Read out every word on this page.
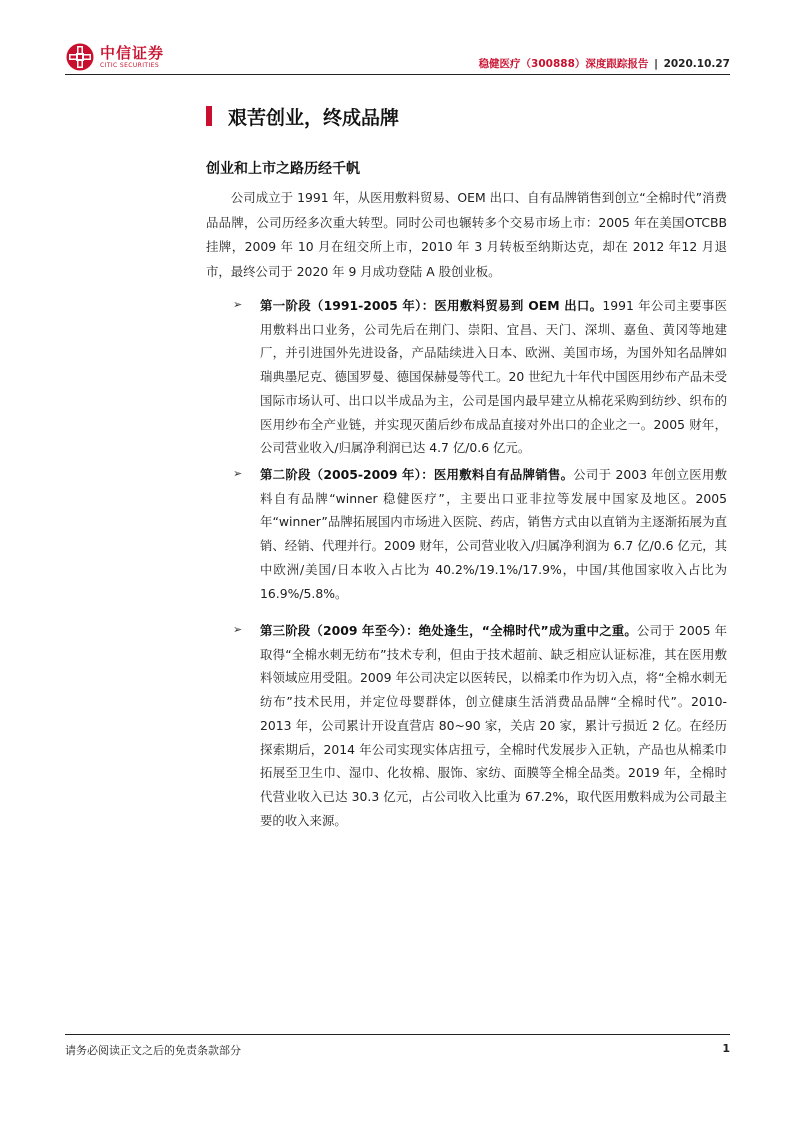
中信证券
CITIC SECURITIES	稳健医疗（300888）深度跟踪报告 | 2020.10.27
艰苦创业，终成品牌
创业和上市之路历经千帆
公司成立于 1991 年，从医用敷料贸易、OEM 出口、自有品牌销售到创立“全棉时代”消费品品牌，公司历经多次重大转型。同时公司也辗转多个交易市场上市：2005 年在美国OTCBB 挂牌，2009 年 10 月在纽交所上市，2010 年 3 月转板至纳斯达克，却在 2012 年12 月退市，最终公司于 2020 年 9 月成功登陆 A 股创业板。
➢ 第一阶段（1991-2005 年）：医用敷料贸易到 OEM 出口。1991 年公司主要事医用敷料出口业务，公司先后在荆门、崇阳、宜昌、天门、深圳、嘉鱼、黄冈等地建厂，并引进国外先进设备，产品陆续进入日本、欧洲、美国市场，为国外知名品牌如瑞典墨尼克、德国罗曼、德国保赫曼等代工。20 世纪九十年代中国医用纱布产品未受国际市场认可、出口以半成品为主，公司是国内最早建立从棉花采购到纺纱、织布的医用纱布全产业链，并实现灭菌后纱布成品直接对外出口的企业之一。2005 财年，公司营业收入/归属净利润已达 4.7 亿/0.6 亿元。
➢ 第二阶段（2005-2009 年）：医用敷料自有品牌销售。公司于 2003 年创立医用敷料自有品牌“winner 稳健医疗”，主要出口亚非拉等发展中国家及地区。2005 年“winner”品牌拓展国内市场进入医院、药店，销售方式由以直销为主逐渐拓展为直销、经销、代理并行。2009 财年，公司营业收入/归属净利润为 6.7 亿/0.6 亿元，其中欧洲/美国/日本收入占比为 40.2%/19.1%/17.9%，中国/其他国家收入占比为 16.9%/5.8%。
➢ 第三阶段（2009 年至今）：绝处逢生，“全棉时代”成为重中之重。公司于 2005 年取得“全棉水刺无纺布”技术专利，但由于技术超前、缺乏相应认证标准，其在医用敷料领域应用受阻。2009 年公司决定以医转民，以棉柔巾作为切入点，将“全棉水刺无纺布”技术民用，并定位母婴群体，创立健康生活消费品品牌“全棉时代”。2010-2013 年，公司累计开设直营店 80~90 家，关店 20 家，累计亏损近 2 亿。在经历探索期后，2014 年公司实现实体店扭亏，全棉时代发展步入正轨，产品也从棉柔巾拓展至卫生巾、湿巾、化妆棉、服饰、家纺、面膜等全棉全品类。2019 年，全棉时代营业收入已达 30.3 亿元，占公司收入比重为 67.2%，取代医用敷料成为公司最主要的收入来源。
请务必阅读正文之后的免责条款部分	1
